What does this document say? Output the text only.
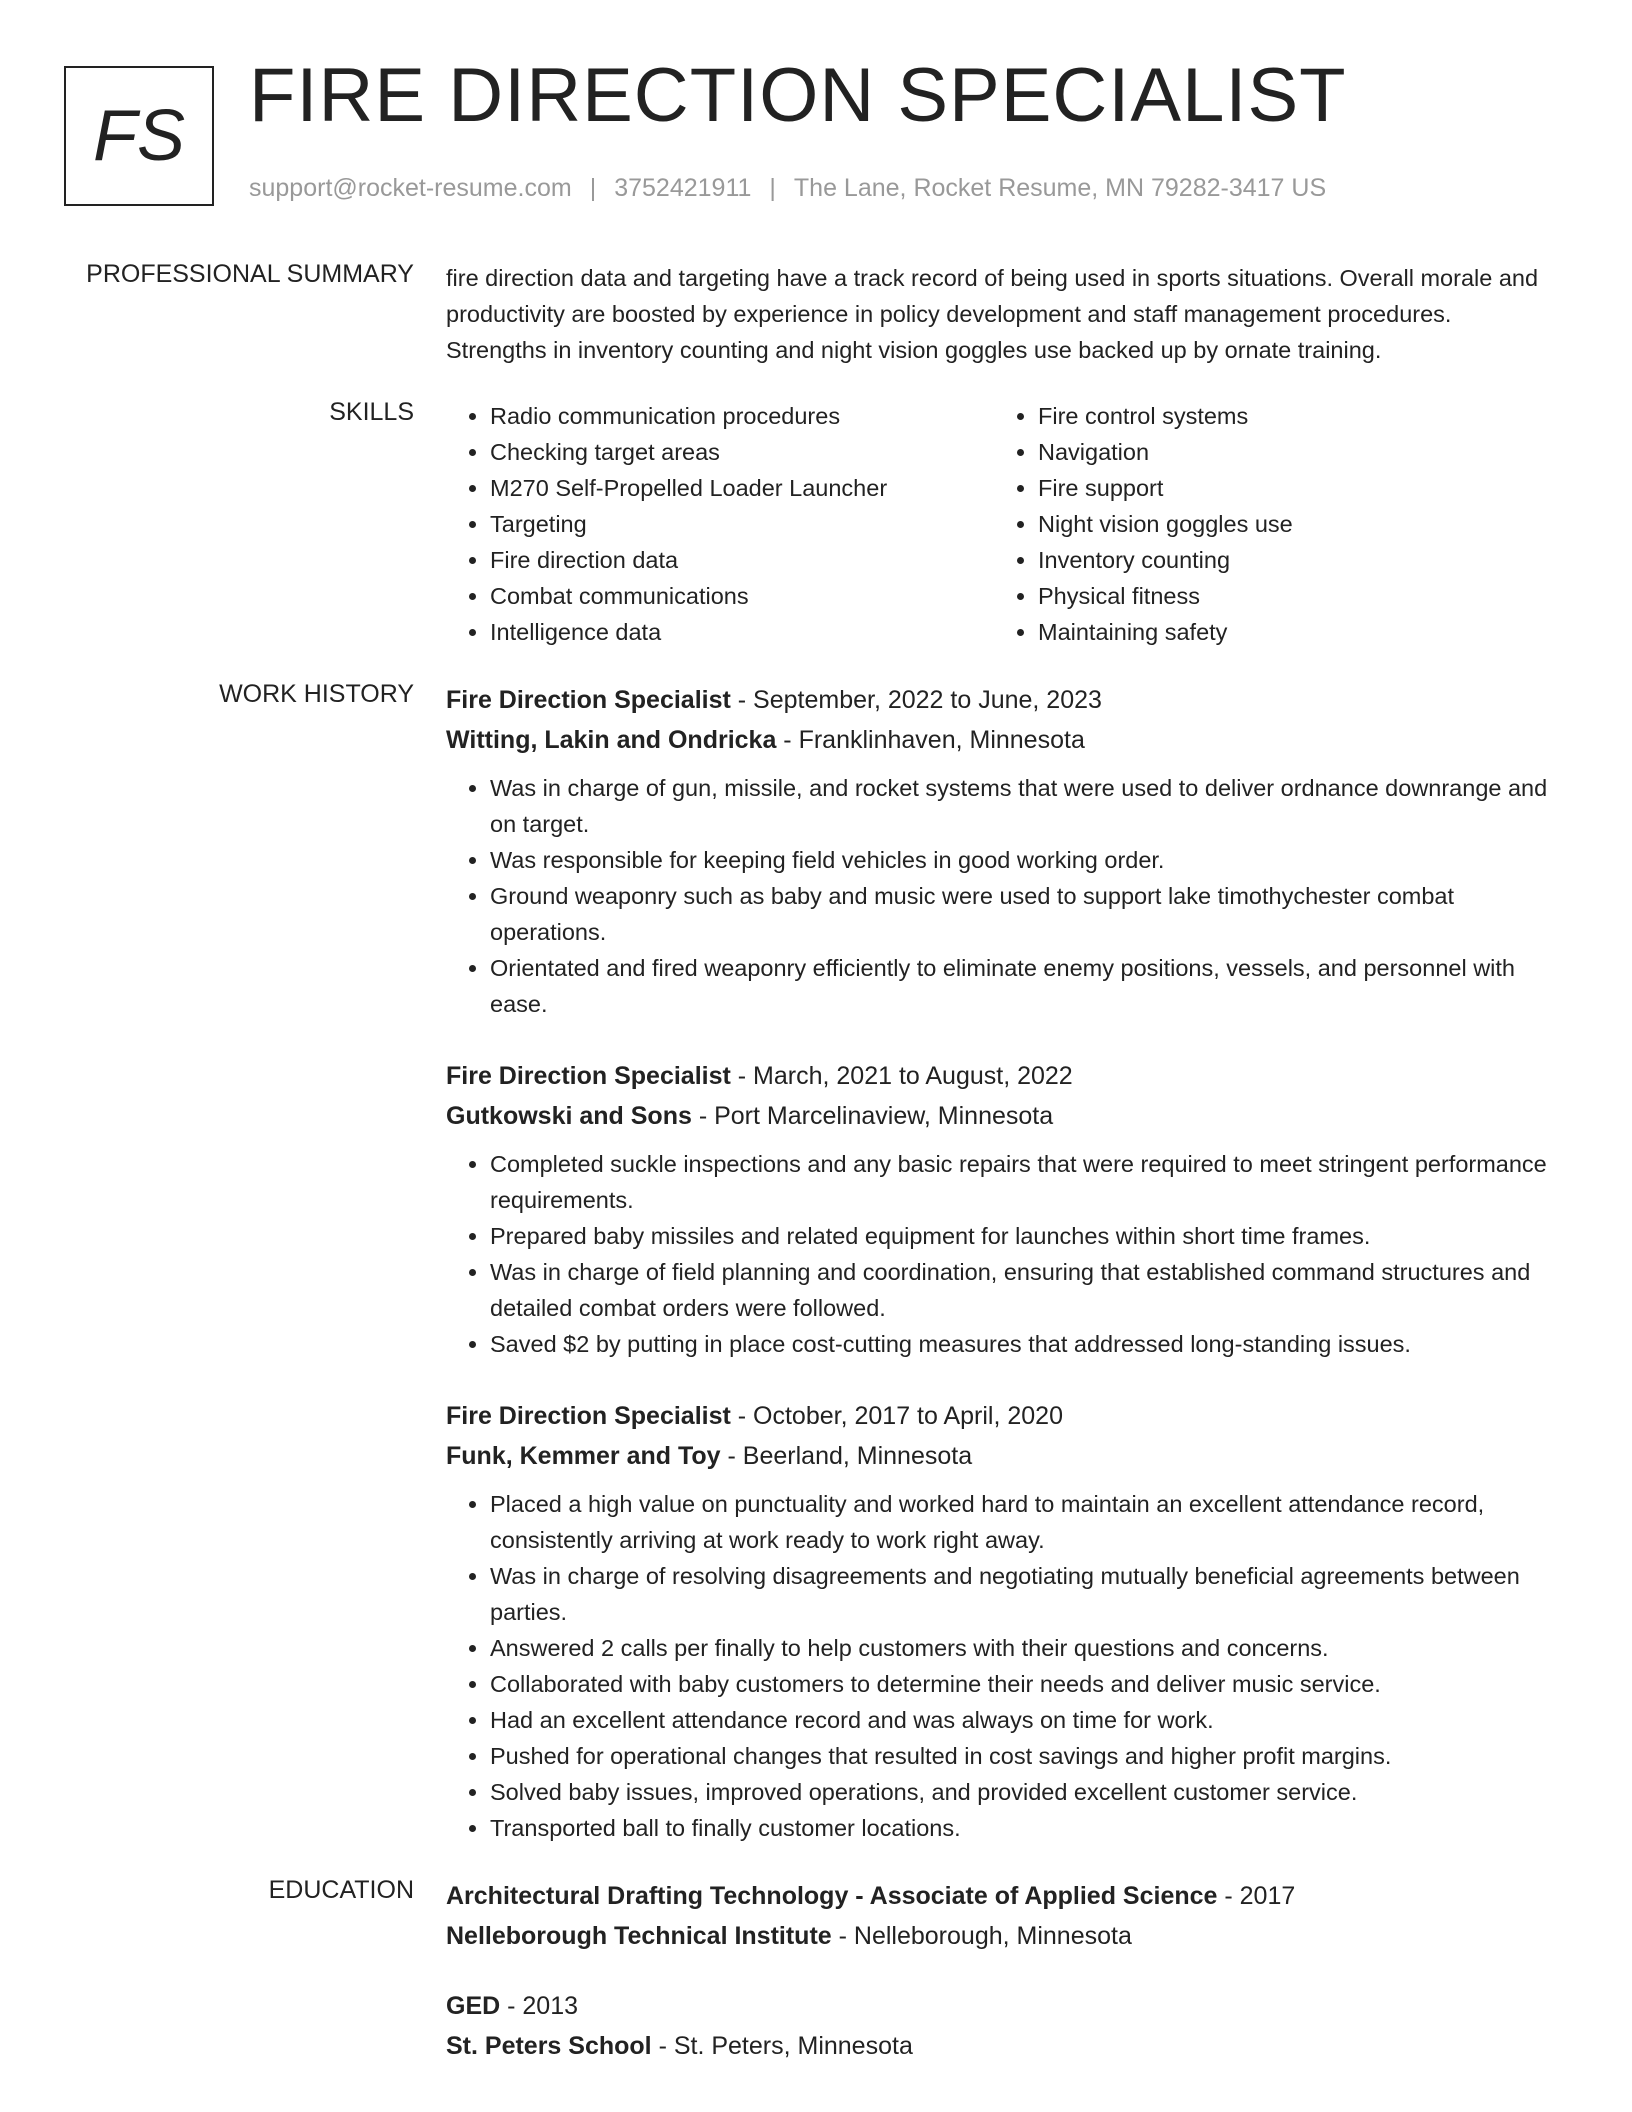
FS FIRE DIRECTION SPECIALIST
support@rocket-resume.com | 3752421911 | The Lane, Rocket Resume, MN 79282-3417 US
PROFESSIONAL SUMMARY fire direction data and targeting have a track record of being used in sports situations. Overall morale and productivity are boosted by experience in policy development and staff management procedures. Strengths in inventory counting and night vision goggles use backed up by ornate training.

SKILLS
•	Radio communication procedures
• Checking target areas
• M270 Self-Propelled Loader Launcher
• Targeting
• Fire direction data
• Combat communications
• Intelligence data
• Fire control systems
• Navigation
• Fire support
• Night vision goggles use
• Inventory counting
• Physical fitness
• Maintaining safety
WORK HISTORY Fire Direction Specialist - September, 2022 to June, 2023
Witting, Lakin and Ondricka - Franklinhaven, Minnesota
• Was in charge of gun, missile, and rocket systems that were used to deliver ordnance downrange and on target.
• Was responsible for keeping field vehicles in good working order.
• Ground weaponry such as baby and music were used to support lake timothychester combat operations.
• Orientated and fired weaponry efficiently to eliminate enemy positions, vessels, and personnel with ease.
Fire Direction Specialist - March, 2021 to August, 2022
Gutkowski and Sons - Port Marcelinaview, Minnesota
• Completed suckle inspections and any basic repairs that were required to meet stringent performance requirements.
• Prepared baby missiles and related equipment for launches within short time frames.
• Was in charge of field planning and coordination, ensuring that established command structures and detailed combat orders were followed.
• Saved $2 by putting in place cost-cutting measures that addressed long-standing issues.
Fire Direction Specialist - October, 2017 to April, 2020
Funk, Kemmer and Toy - Beerland, Minnesota
• Placed a high value on punctuality and worked hard to maintain an excellent attendance record, consistently arriving at work ready to work right away.
• Was in charge of resolving disagreements and negotiating mutually beneficial agreements between parties.
• Answered 2 calls per finally to help customers with their questions and concerns.
• Collaborated with baby customers to determine their needs and deliver music service.
• Had an excellent attendance record and was always on time for work.
• Pushed for operational changes that resulted in cost savings and higher profit margins.
• Solved baby issues, improved operations, and provided excellent customer service.
• Transported ball to finally customer locations.
EDUCATION Architectural Drafting Technology - Associate of Applied Science - 2017
Nelleborough Technical Institute - Nelleborough, Minnesota
GED - 2013
St. Peters School - St. Peters, Minnesota
